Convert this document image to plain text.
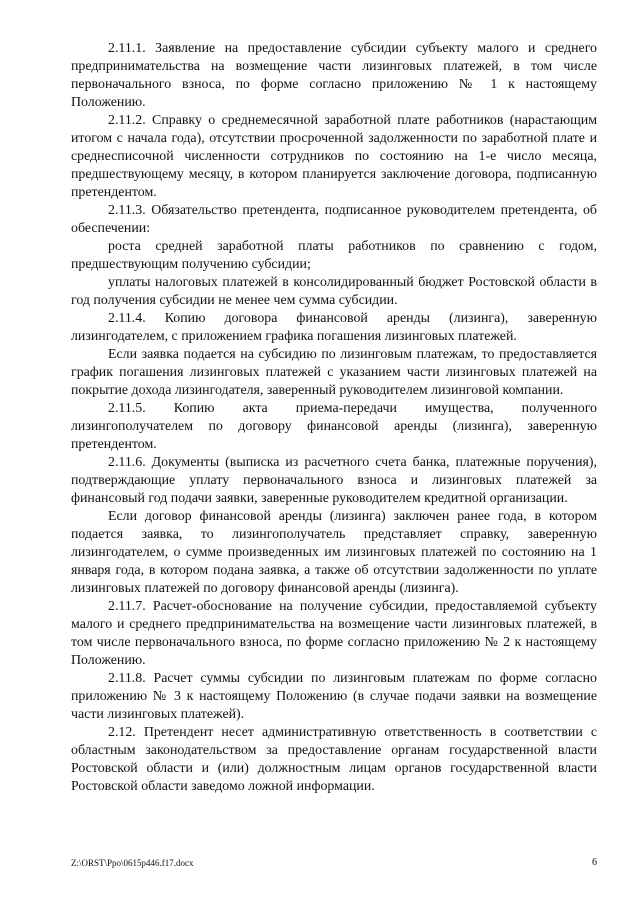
2.11.1. Заявление на предоставление субсидии субъекту малого и среднего предпринимательства на возмещение части лизинговых платежей, в том числе первоначального взноса, по форме согласно приложению № 1 к настоящему Положению.

2.11.2. Справку о среднемесячной заработной плате работников (нарастающим итогом с начала года), отсутствии просроченной задолженности по заработной плате и среднесписочной численности сотрудников по состоянию на 1-е число месяца, предшествующему месяцу, в котором планируется заключение договора, подписанную претендентом.

2.11.3. Обязательство претендента, подписанное руководителем претендента, об обеспечении:

роста средней заработной платы работников по сравнению с годом, предшествующим получению субсидии;

уплаты налоговых платежей в консолидированный бюджет Ростовской области в год получения субсидии не менее чем сумма субсидии.

2.11.4. Копию договора финансовой аренды (лизинга), заверенную лизингодателем, с приложением графика погашения лизинговых платежей.

Если заявка подается на субсидию по лизинговым платежам, то предоставляется график погашения лизинговых платежей с указанием части лизинговых платежей на покрытие дохода лизингодателя, заверенный руководителем лизинговой компании.

2.11.5. Копию акта приема-передачи имущества, полученного лизингополучателем по договору финансовой аренды (лизинга), заверенную претендентом.

2.11.6. Документы (выписка из расчетного счета банка, платежные поручения), подтверждающие уплату первоначального взноса и лизинговых платежей за финансовый год подачи заявки, заверенные руководителем кредитной организации.

Если договор финансовой аренды (лизинга) заключен ранее года, в котором подается заявка, то лизингополучатель представляет справку, заверенную лизингодателем, о сумме произведенных им лизинговых платежей по состоянию на 1 января года, в котором подана заявка, а также об отсутствии задолженности по уплате лизинговых платежей по договору финансовой аренды (лизинга).

2.11.7. Расчет-обоснование на получение субсидии, предоставляемой субъекту малого и среднего предпринимательства на возмещение части лизинговых платежей, в том числе первоначального взноса, по форме согласно приложению № 2 к настоящему Положению.

2.11.8. Расчет суммы субсидии по лизинговым платежам по форме согласно приложению № 3 к настоящему Положению (в случае подачи заявки на возмещение части лизинговых платежей).

2.12. Претендент несет административную ответственность в соответствии с областным законодательством за предоставление органам государственной власти Ростовской области и (или) должностным лицам органов государственной власти Ростовской области заведомо ложной информации.

Z:\ORST\Ppo\0615p446.f17.docx	6
